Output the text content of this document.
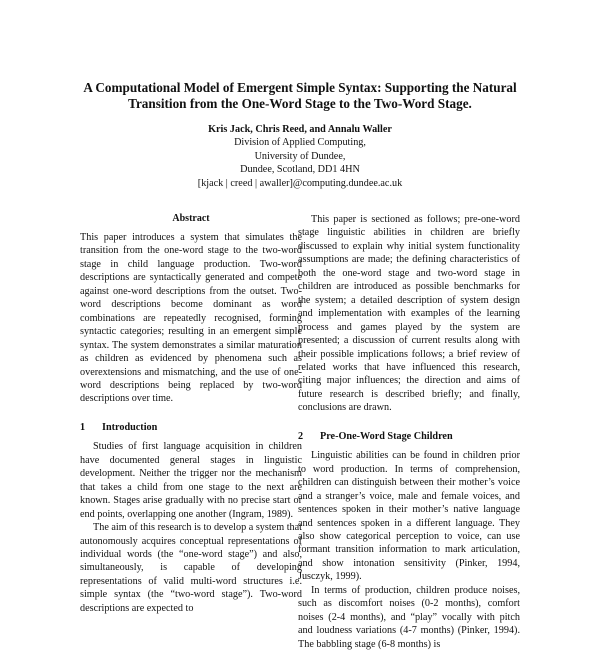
A Computational Model of Emergent Simple Syntax: Supporting the Natural Transition from the One-Word Stage to the Two-Word Stage.
Kris Jack, Chris Reed, and Annalu Waller
Division of Applied Computing,
University of Dundee,
Dundee, Scotland, DD1 4HN
[kjack | creed | awaller]@computing.dundee.ac.uk
Abstract

This paper introduces a system that simulates the transition from the one-word stage to the two-word stage in child language production. Two-word descriptions are syntactically generated and compete against one-word descriptions from the outset. Two-word descriptions become dominant as word combinations are repeatedly recognised, forming syntactic categories; resulting in an emergent simple syntax. The system demonstrates a similar maturation as children as evidenced by phenomena such as overextensions and mismatching, and the use of one-word descriptions being replaced by two-word descriptions over time.

1	Introduction

Studies of first language acquisition in children have documented general stages in linguistic development. Neither the trigger nor the mechanism that takes a child from one stage to the next are known. Stages arise gradually with no precise start or end points, overlapping one another (Ingram, 1989).

The aim of this research is to develop a system that autonomously acquires conceptual representations of individual words (the “one-word stage”) and also, simultaneously, is capable of developing representations of valid multi-word structures i.e. simple syntax (the “two-word stage”). Two-word descriptions are expected to

This paper is sectioned as follows; pre-one-word stage linguistic abilities in children are briefly discussed to explain why initial system functionality assumptions are made; the defining characteristics of both the one-word stage and two-word stage in children are introduced as possible benchmarks for the system; a detailed description of system design and implementation with examples of the learning process and games played by the system are presented; a discussion of current results along with their possible implications follows; a brief review of related works that have influenced this research, citing major influences; the direction and aims of future research is described briefly; and finally, conclusions are drawn.

2	Pre-One-Word Stage Children

Linguistic abilities can be found in children prior to word production. In terms of comprehension, children can distinguish between their mother’s voice and a stranger’s voice, male and female voices, and sentences spoken in their mother’s native language and sentences spoken in a different language. They also show categorical perception to voice, can use formant transition information to mark articulation, and show intonation sensitivity (Pinker, 1994, Jusczyk, 1999).

In terms of production, children produce noises, such as discomfort noises (0-2 months), comfort noises (2-4 months), and “play” vocally with pitch and loudness variations (4-7 months) (Pinker, 1994). The babbling stage (6-8 months) is
